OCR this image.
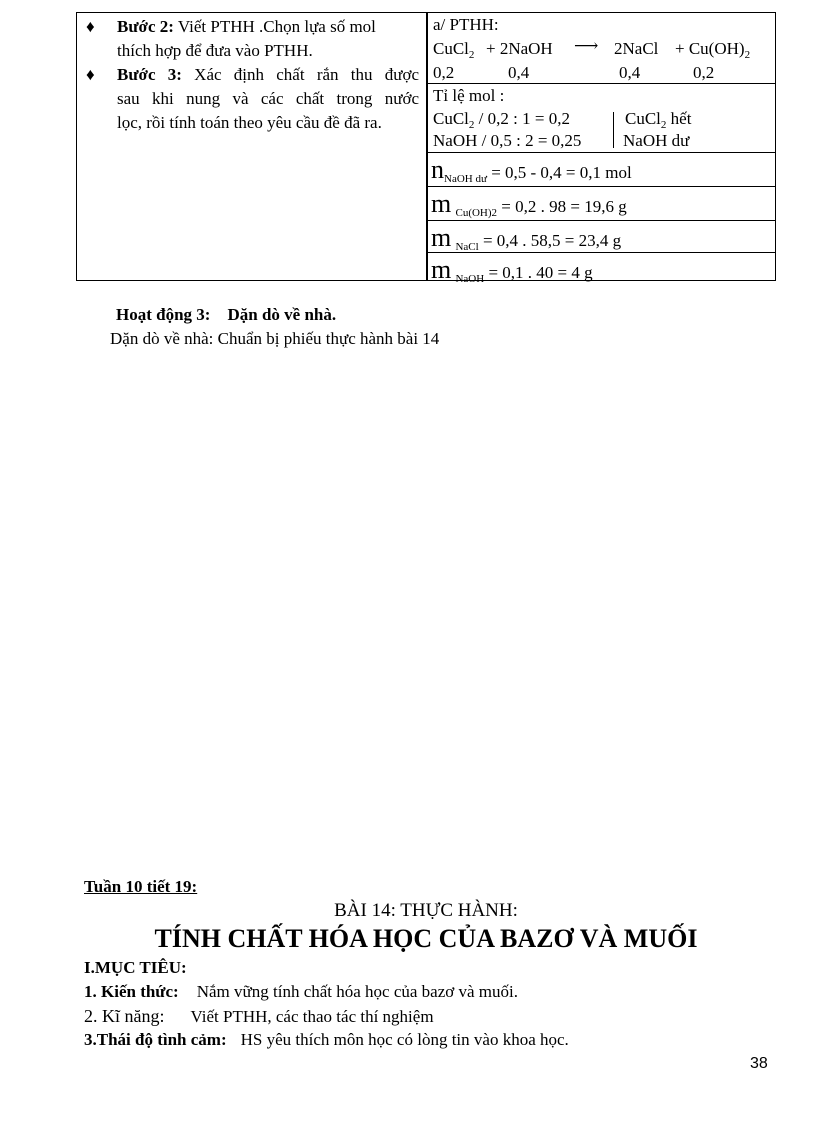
♦ Bước 2: Viết PTHH .Chọn lựa số mol
thích hợp để đưa vào PTHH.
♦ Bước 3: Xác định chất rắn thu được
sau khi nung và các chất trong nước
lọc, rồi tính toán theo yêu cầu đề đã ra.
a/ PTHH:
CuCl$_2$ + 2NaOH ⟶ 2NaCl + $Cu(OH)_2$
0,2	0,4	0,4	0,2
Tỉ lệ mol :
CuCl$_2$ / 0,2 : 1 = 0,2	CuCl$_2$ hết
NaOH / 0,5 : 2 = 0,25 NaOH dư
$n_{NaOH dư} = 0,5 - 0,4 = 0,1$ mol
m $_{Cu(OH)2}$ = 0,2 . 98 = 19,6 g
m $_{NaCl}$ = 0,4 . 58,5 = 23,4 g
m $_{NaOH}$ = 0,1 . 40 = 4 g
Hoạt động 3: Dặn dò về nhà.
Dặn dò về nhà: Chuẩn bị phiếu thực hành bài 14
Tuần 10 tiết 19:
BÀI 14: THỰC HÀNH:
TÍNH CHẤT HÓA HỌC CỦA BAZƠ VÀ MUỐI
I.MỤC TIÊU:
1. Kiến thức: Nắm vững tính chất hóa học của bazơ và muối.
2. Kĩ năng: Viết PTHH, các thao tác thí nghiệm
3.Thái độ tình cảm: HS yêu thích môn học có lòng tin vào khoa học.
38
